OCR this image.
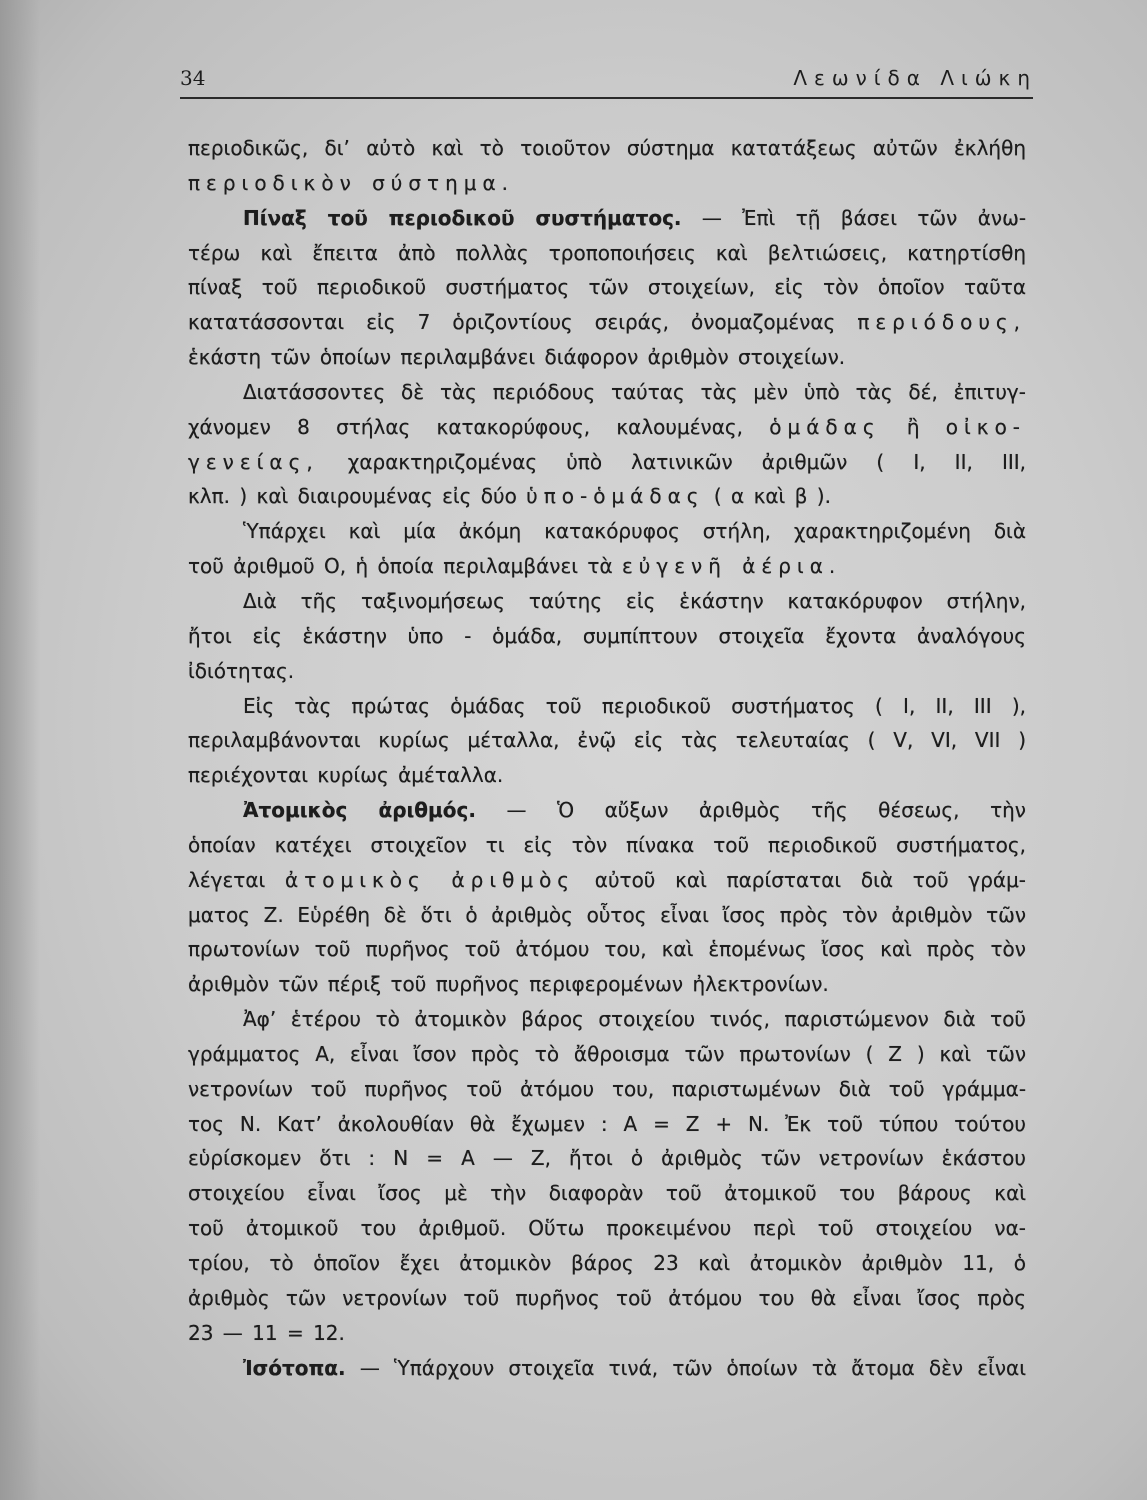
34	Λεωνίδα Λιώκη
περιοδικῶς, δι’ αὐτὸ καὶ τὸ τοιοῦτον σύστημα κατατάξεως αὐτῶν ἐκλήθη
περιοδικὸν σύστημα.
Πίναξ τοῦ περιοδικοῦ συστήματος. — Ἐπὶ τῇ βάσει τῶν ἀνω-
τέρω καὶ ἔπειτα ἀπὸ πολλὰς τροποποιήσεις καὶ βελτιώσεις, κατηρτίσθη
πίναξ τοῦ περιοδικοῦ συστήματος τῶν στοιχείων, εἰς τὸν ὁποῖον ταῦτα
κατατάσσονται εἰς 7 ὁριζοντίους σειράς, ὀνομαζομένας περιόδους,
ἑκάστη τῶν ὁποίων περιλαμβάνει διάφορον ἀριθμὸν στοιχείων.
Διατάσσοντες δὲ τὰς περιόδους ταύτας τὰς μὲν ὑπὸ τὰς δέ, ἐπιτυγ-
χάνομεν 8 στήλας κατακορύφους, καλουμένας, ὁμάδας ἢ οἰκο-
γενείας, χαρακτηριζομένας ὑπὸ λατινικῶν ἀριθμῶν ( I, II, III,
κλπ. ) καὶ διαιρουμένας εἰς δύο ὑπο-ὁμάδας ( α καὶ β ).
Ὑπάρχει καὶ μία ἀκόμη κατακόρυφος στήλη, χαρακτηριζομένη διὰ
τοῦ ἀριθμοῦ O, ἡ ὁποία περιλαμβάνει τὰ εὐγενῆ ἀέρια.
Διὰ τῆς ταξινομήσεως ταύτης εἰς ἑκάστην κατακόρυφον στήλην,
ἤτοι εἰς ἑκάστην ὑπο - ὁμάδα, συμπίπτουν στοιχεῖα ἔχοντα ἀναλόγους
ἰδιότητας.
Εἰς τὰς πρώτας ὁμάδας τοῦ περιοδικοῦ συστήματος ( I, II, III ),
περιλαμβάνονται κυρίως μέταλλα, ἐνῷ εἰς τὰς τελευταίας ( V, VI, VII )
περιέχονται κυρίως ἀμέταλλα.
Ἀτομικὸς ἀριθμός. — Ὁ αὔξων ἀριθμὸς τῆς θέσεως, τὴν
ὁποίαν κατέχει στοιχεῖον τι εἰς τὸν πίνακα τοῦ περιοδικοῦ συστήματος,
λέγεται ἀτομικὸς ἀριθμὸς αὐτοῦ καὶ παρίσταται διὰ τοῦ γράμ-
ματος Z. Εὑρέθη δὲ ὅτι ὁ ἀριθμὸς οὗτος εἶναι ἴσος πρὸς τὸν ἀριθμὸν τῶν
πρωτονίων τοῦ πυρῆνος τοῦ ἀτόμου του, καὶ ἑπομένως ἴσος καὶ πρὸς τὸν
ἀριθμὸν τῶν πέριξ τοῦ πυρῆνος περιφερομένων ἠλεκτρονίων.
Ἀφ’ ἑτέρου τὸ ἀτομικὸν βάρος στοιχείου τινός, παριστώμενον διὰ τοῦ
γράμματος A, εἶναι ἴσον πρὸς τὸ ἄθροισμα τῶν πρωτονίων ( Z ) καὶ τῶν
νετρονίων τοῦ πυρῆνος τοῦ ἀτόμου του, παριστωμένων διὰ τοῦ γράμμα-
τος N. Κατ’ ἀκολουθίαν θὰ ἔχωμεν : A = Z + N. Ἐκ τοῦ τύπου τούτου
εὑρίσκομεν ὅτι : N = A — Z, ἤτοι ὁ ἀριθμὸς τῶν νετρονίων ἑκάστου
στοιχείου εἶναι ἴσος μὲ τὴν διαφορὰν τοῦ ἀτομικοῦ του βάρους καὶ
τοῦ ἀτομικοῦ του ἀριθμοῦ. Οὕτω προκειμένου περὶ τοῦ στοιχείου να-
τρίου, τὸ ὁποῖον ἔχει ἀτομικὸν βάρος 23 καὶ ἀτομικὸν ἀριθμὸν 11, ὁ
ἀριθμὸς τῶν νετρονίων τοῦ πυρῆνος τοῦ ἀτόμου του θὰ εἶναι ἴσος πρὸς
23 — 11 = 12.
Ἰσότοπα. — Ὑπάρχουν στοιχεῖα τινά, τῶν ὁποίων τὰ ἄτομα δὲν εἶναι
